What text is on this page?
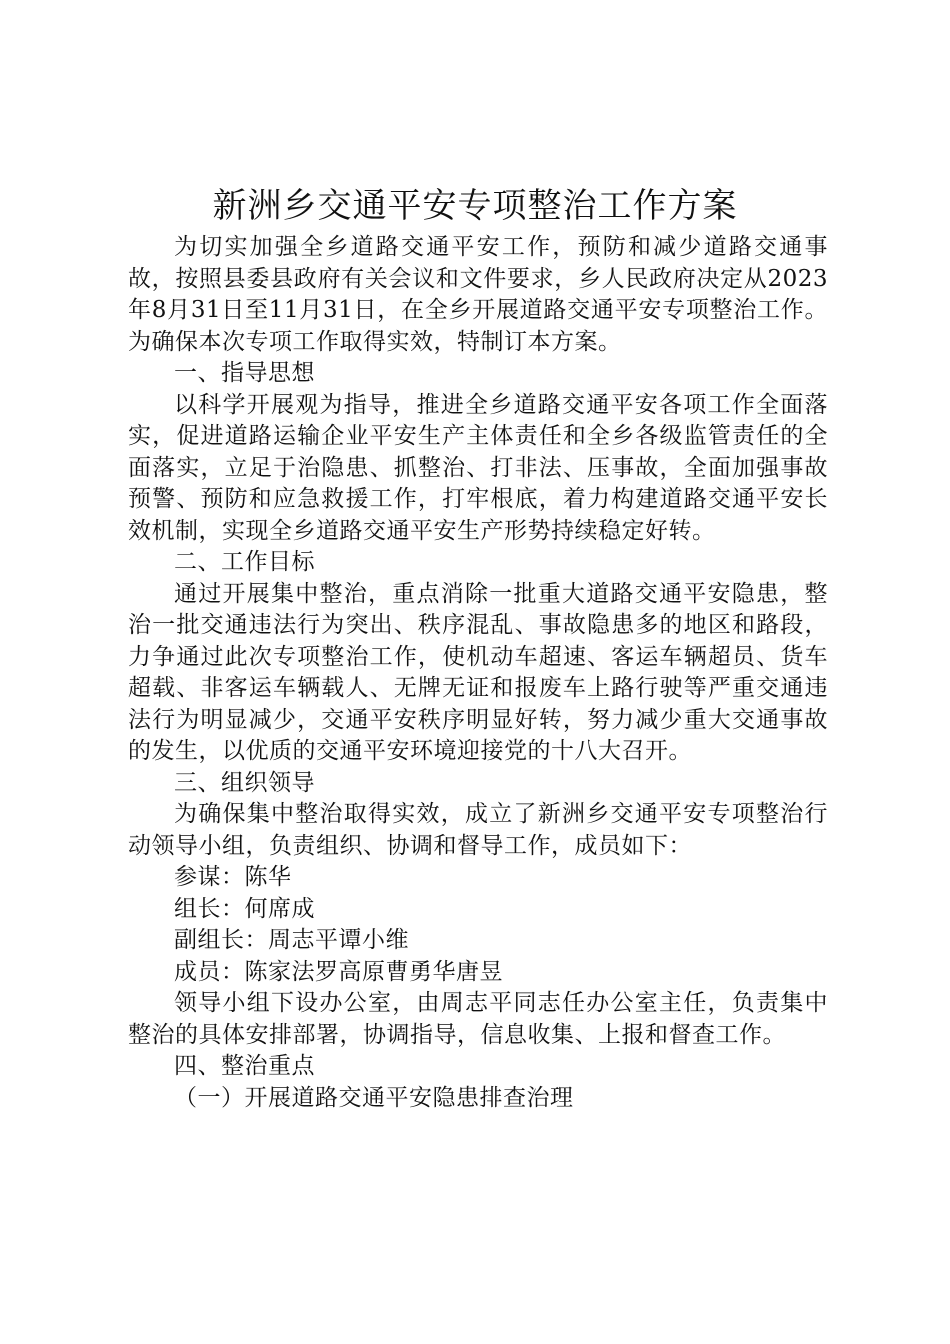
新洲乡交通平安专项整治工作方案

为切实加强全乡道路交通平安工作，预防和减少道路交通事故，按照县委县政府有关会议和文件要求，乡人民政府决定从2023年8月31日至11月31日，在全乡开展道路交通平安专项整治工作。为确保本次专项工作取得实效，特制订本方案。

一、指导思想

以科学开展观为指导，推进全乡道路交通平安各项工作全面落实，促进道路运输企业平安生产主体责任和全乡各级监管责任的全面落实，立足于治隐患、抓整治、打非法、压事故，全面加强事故预警、预防和应急救援工作，打牢根底，着力构建道路交通平安长效机制，实现全乡道路交通平安生产形势持续稳定好转。

二、工作目标

通过开展集中整治，重点消除一批重大道路交通平安隐患，整治一批交通违法行为突出、秩序混乱、事故隐患多的地区和路段，力争通过此次专项整治工作，使机动车超速、客运车辆超员、货车超载、非客运车辆载人、无牌无证和报废车上路行驶等严重交通违法行为明显减少，交通平安秩序明显好转，努力减少重大交通事故的发生，以优质的交通平安环境迎接党的十八大召开。

三、组织领导

为确保集中整治取得实效，成立了新洲乡交通平安专项整治行动领导小组，负责组织、协调和督导工作，成员如下：

参谋：陈华

组长：何席成

副组长：周志平谭小维

成员：陈家法罗高原曹勇华唐昱

领导小组下设办公室，由周志平同志任办公室主任，负责集中整治的具体安排部署，协调指导，信息收集、上报和督查工作。

四、整治重点

（一）开展道路交通平安隐患排查治理
